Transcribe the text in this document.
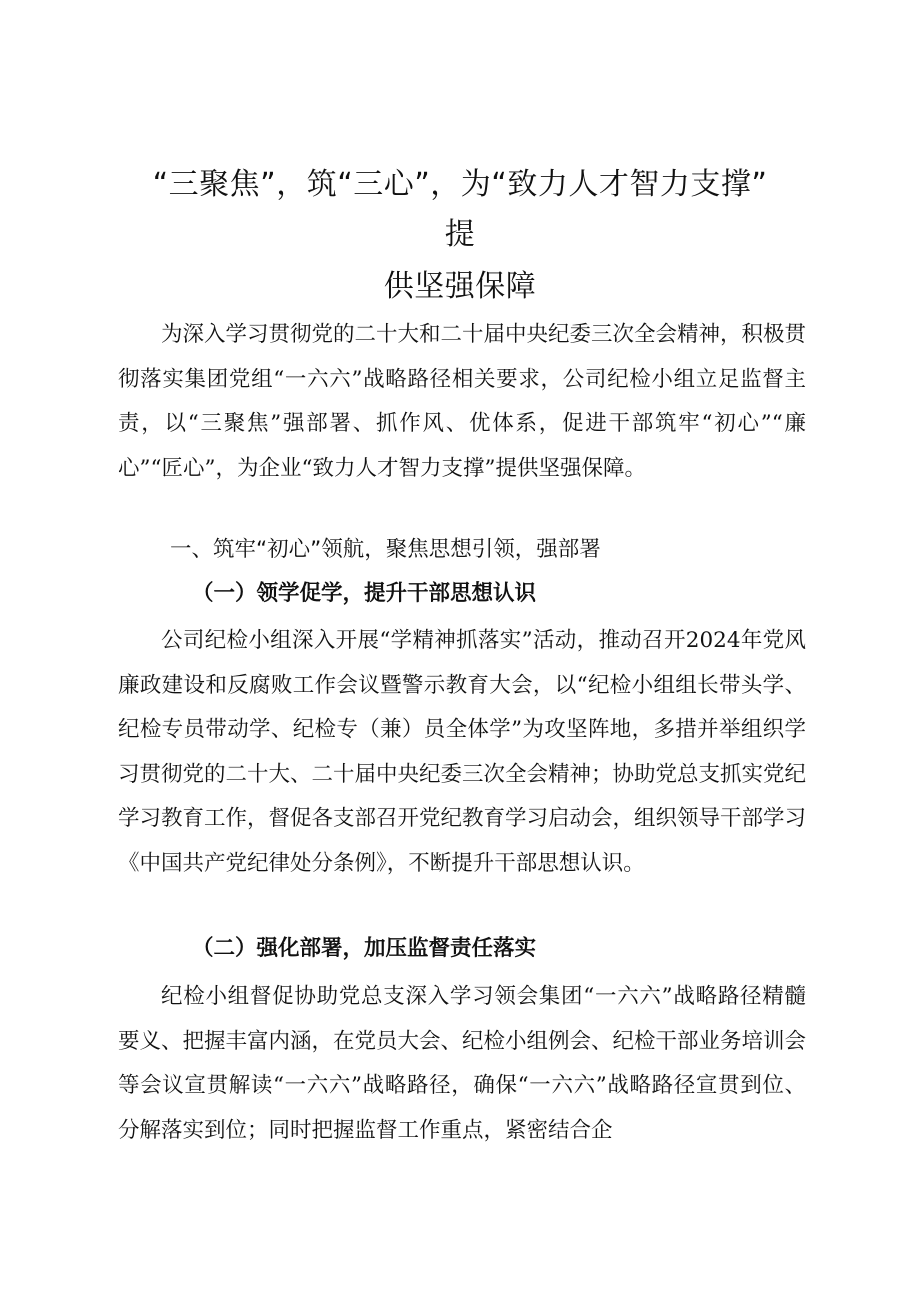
“三聚焦”，筑“三心”，为“致力人才智力支撑”
提
供坚强保障

为深入学习贯彻党的二十大和二十届中央纪委三次全会精神，积极贯彻落实集团党组“一六六”战略路径相关要求，公司纪检小组立足监督主责，以“三聚焦”强部署、抓作风、优体系，促进干部筑牢“初心”“廉心”“匠心”，为企业“致力人才智力支撑”提供坚强保障。

一、筑牢“初心”领航，聚焦思想引领，强部署
（一）领学促学，提升干部思想认识

公司纪检小组深入开展“学精神抓落实”活动，推动召开2024年党风廉政建设和反腐败工作会议暨警示教育大会，以“纪检小组组长带头学、纪检专员带动学、纪检专（兼）员全体学”为攻坚阵地，多措并举组织学习贯彻党的二十大、二十届中央纪委三次全会精神；协助党总支抓实党纪学习教育工作，督促各支部召开党纪教育学习启动会，组织领导干部学习《中国共产党纪律处分条例》，不断提升干部思想认识。

（二）强化部署，加压监督责任落实

纪检小组督促协助党总支深入学习领会集团“一六六”战略路径精髓要义、把握丰富内涵，在党员大会、纪检小组例会、纪检干部业务培训会等会议宣贯解读“一六六”战略路径，确保“一六六”战略路径宣贯到位、分解落实到位；同时把握监督工作重点，紧密结合企
